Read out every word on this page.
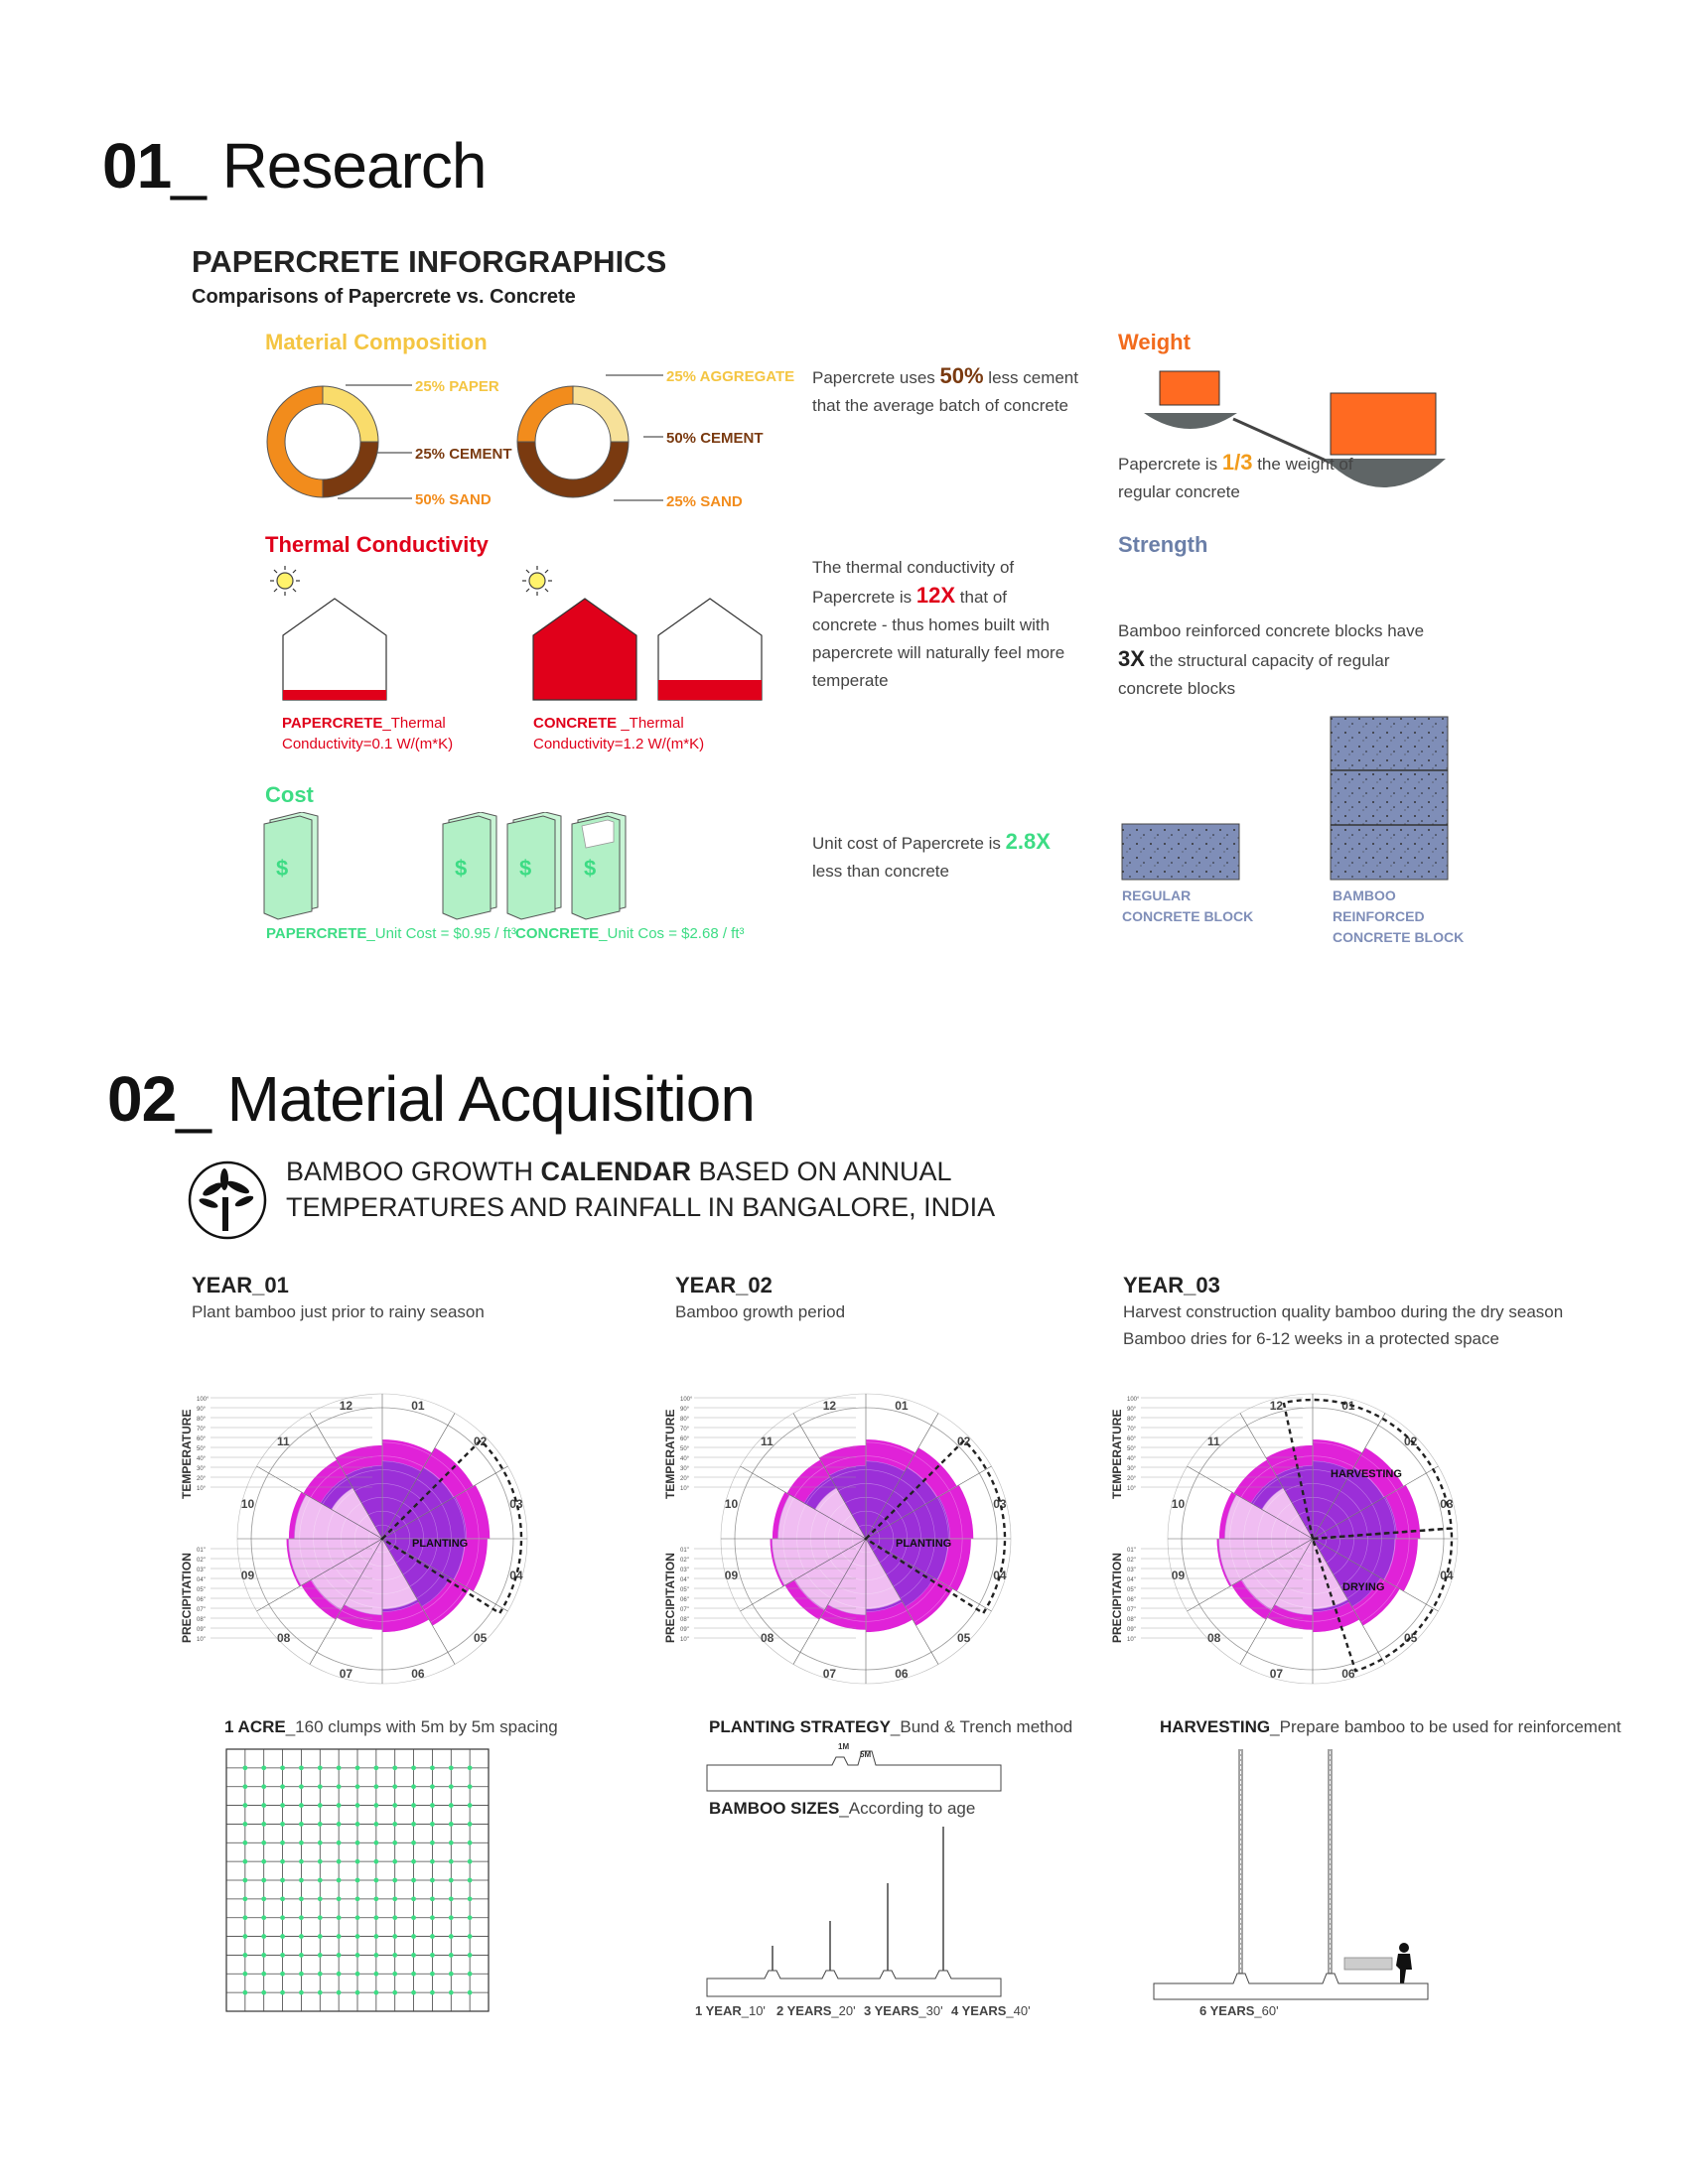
01_ Research
PAPERCRETE INFORGRAPHICS
Comparisons of Papercrete vs. Concrete
Material Composition
25% PAPER
25% CEMENT
50% SAND
25% AGGREGATE
50% CEMENT
25% SAND
Papercrete uses 50% less cement that the average batch of concrete
Weight
Papercrete is 1/3 the weight of regular concrete
Thermal Conductivity
PAPERCRETE_Thermal Conductivity=0.1 W/(m*K)
CONCRETE _Thermal Conductivity=1.2 W/(m*K)
The thermal conductivity of Papercrete is 12X that of concrete - thus homes built with papercrete will naturally feel more temperate
Strength
Bamboo reinforced concrete blocks have 3X the structural capacity of regular concrete blocks
REGULAR CONCRETE BLOCK
BAMBOO REINFORCED CONCRETE BLOCK
Cost
$	$ $ $
PAPERCRETE_Unit Cost = $0.95 / ft³ CONCRETE_Unit Cos = $2.68 / ft³
Unit cost of Papercrete is 2.8X less than concrete
02_ Material Acquisition
BAMBOO GROWTH CALENDAR BASED ON ANNUAL
TEMPERATURES AND RAINFALL IN BANGALORE, INDIA
YEAR_01
Plant bamboo just prior to rainy season
YEAR_02
Bamboo growth period
YEAR_03
Harvest construction quality bamboo during the dry season
Bamboo dries for 6-12 weeks in a protected space
01
02
03
04
05
06
07
08
09
10
11
12
PLANTING
TEMPERATURE
PRECIPITATION
100°
90°
80°
70°
60°
50°
40°
30°
20°
10°
01"
02"
03"
04"
05"
06"
07"
08"
09"
10"
01
02
03
04
05
06
07
08
09
10
11
12
PLANTING
TEMPERATURE
PRECIPITATION
100°
90°
80°
70°
60°
50°
40°
30°
20°
10°
01"
02"
03"
04"
05"
06"
07"
08"
09"
10"
01
02
03
04
05
06
07
08
09
10
11
12
HARVESTING
DRYING
TEMPERATURE
PRECIPITATION
100°
90°
80°
70°
60°
50°
40°
30°
20°
10°
01"
02"
03"
04"
05"
06"
07"
08"
09"
10"
1 ACRE_160 clumps with 5m by 5m spacing	PLANTING STRATEGY_Bund & Trench method
1M
5M
BAMBOO SIZES_According to age
1 YEAR_10' 2 YEARS_20' 3 YEARS_30' 4 YEARS_40'
HARVESTING_Prepare bamboo to be used for reinforcement
6 YEARS_60'
